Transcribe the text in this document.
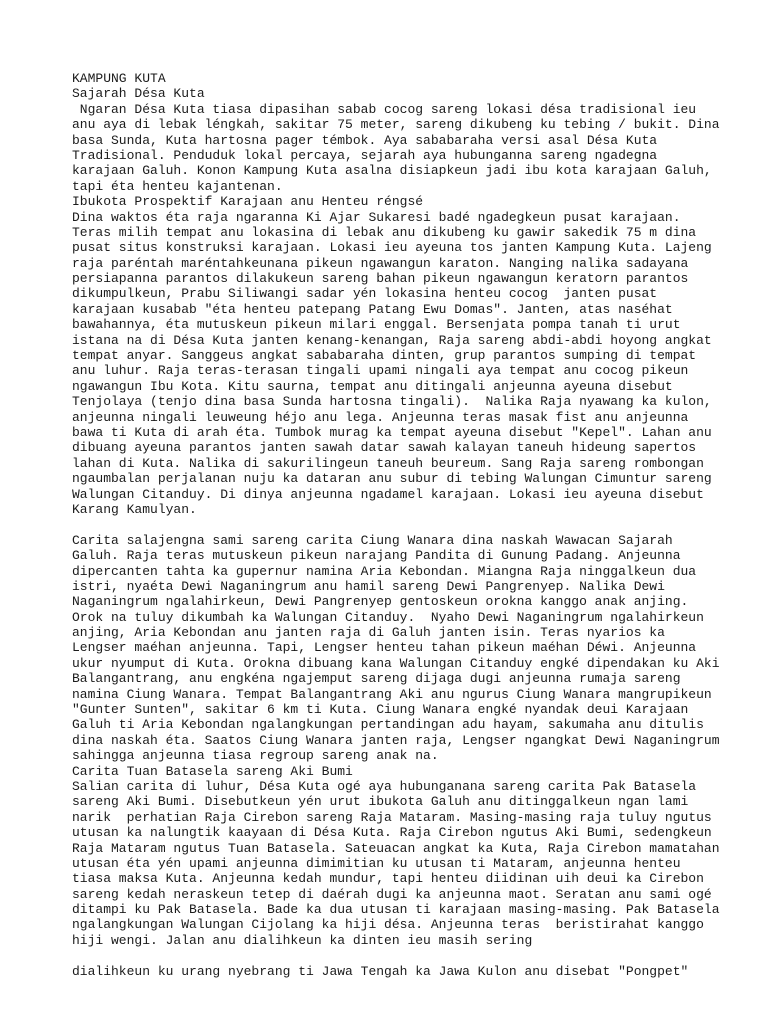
KAMPUNG KUTA
Sajarah Désa Kuta
Ngaran Désa Kuta tiasa dipasihan sabab cocog sareng lokasi désa tradisional ieu
anu aya di lebak léngkah, sakitar 75 meter, sareng dikubeng ku tebing / bukit. Dina
basa Sunda, Kuta hartosna pager témbok. Aya sababaraha versi asal Désa Kuta
Tradisional. Penduduk lokal percaya, sejarah aya hubunganna sareng ngadegna
karajaan Galuh. Konon Kampung Kuta asalna disiapkeun jadi ibu kota karajaan Galuh,
tapi éta henteu kajantenan.
Ibukota Prospektif Karajaan anu Henteu réngsé
Dina waktos éta raja ngaranna Ki Ajar Sukaresi badé ngadegkeun pusat karajaan.
Teras milih tempat anu lokasina di lebak anu dikubeng ku gawir sakedik 75 m dina
pusat situs konstruksi karajaan. Lokasi ieu ayeuna tos janten Kampung Kuta. Lajeng
raja paréntah maréntahkeunana pikeun ngawangun karaton. Nanging nalika sadayana
persiapanna parantos dilakukeun sareng bahan pikeun ngawangun keratorn parantos
dikumpulkeun, Prabu Siliwangi sadar yén lokasina henteu cocog  janten pusat
karajaan kusabab "éta henteu patepang Patang Ewu Domas". Janten, atas naséhat
bawahannya, éta mutuskeun pikeun milari enggal. Bersenjata pompa tanah ti urut
istana na di Désa Kuta janten kenang-kenangan, Raja sareng abdi-abdi hoyong angkat
tempat anyar. Sanggeus angkat sababaraha dinten, grup parantos sumping di tempat
anu luhur. Raja teras-terasan tingali upami ningali aya tempat anu cocog pikeun
ngawangun Ibu Kota. Kitu saurna, tempat anu ditingali anjeunna ayeuna disebut
Tenjolaya (tenjo dina basa Sunda hartosna tingali).  Nalika Raja nyawang ka kulon,
anjeunna ningali leuweung héjo anu lega. Anjeunna teras masak fist anu anjeunna
bawa ti Kuta di arah éta. Tumbok murag ka tempat ayeuna disebut "Kepel". Lahan anu
dibuang ayeuna parantos janten sawah datar sawah kalayan taneuh hideung sapertos
lahan di Kuta. Nalika di sakurilingeun taneuh beureum. Sang Raja sareng rombongan
ngaumbalan perjalanan nuju ka dataran anu subur di tebing Walungan Cimuntur sareng
Walungan Citanduy. Di dinya anjeunna ngadamel karajaan. Lokasi ieu ayeuna disebut
Karang Kamulyan.
Carita salajengna sami sareng carita Ciung Wanara dina naskah Wawacan Sajarah
Galuh. Raja teras mutuskeun pikeun narajang Pandita di Gunung Padang. Anjeunna
dipercanten tahta ka gupernur namina Aria Kebondan. Miangna Raja ninggalkeun dua
istri, nyaéta Dewi Naganingrum anu hamil sareng Dewi Pangrenyep. Nalika Dewi
Naganingrum ngalahirkeun, Dewi Pangrenyep gentoskeun orokna kanggo anak anjing.
Orok na tuluy dikumbah ka Walungan Citanduy.  Nyaho Dewi Naganingrum ngalahirkeun
anjing, Aria Kebondan anu janten raja di Galuh janten isin. Teras nyarios ka
Lengser maéhan anjeunna. Tapi, Lengser henteu tahan pikeun maéhan Déwi. Anjeunna
ukur nyumput di Kuta. Orokna dibuang kana Walungan Citanduy engké dipendakan ku Aki
Balangantrang, anu engkéna ngajemput sareng dijaga dugi anjeunna rumaja sareng
namina Ciung Wanara. Tempat Balangantrang Aki anu ngurus Ciung Wanara mangrupikeun
"Gunter Sunten", sakitar 6 km ti Kuta. Ciung Wanara engké nyandak deui Karajaan
Galuh ti Aria Kebondan ngalangkungan pertandingan adu hayam, sakumaha anu ditulis
dina naskah éta. Saatos Ciung Wanara janten raja, Lengser ngangkat Dewi Naganingrum
sahingga anjeunna tiasa regroup sareng anak na.
Carita Tuan Batasela sareng Aki Bumi
Salian carita di luhur, Désa Kuta ogé aya hubunganana sareng carita Pak Batasela
sareng Aki Bumi. Disebutkeun yén urut ibukota Galuh anu ditinggalkeun ngan lami
narik  perhatian Raja Cirebon sareng Raja Mataram. Masing-masing raja tuluy ngutus
utusan ka nalungtik kaayaan di Désa Kuta. Raja Cirebon ngutus Aki Bumi, sedengkeun
Raja Mataram ngutus Tuan Batasela. Sateuacan angkat ka Kuta, Raja Cirebon mamatahan
utusan éta yén upami anjeunna dimimitian ku utusan ti Mataram, anjeunna henteu
tiasa maksa Kuta. Anjeunna kedah mundur, tapi henteu diidinan uih deui ka Cirebon
sareng kedah neraskeun tetep di daérah dugi ka anjeunna maot. Seratan anu sami ogé
ditampi ku Pak Batasela. Bade ka dua utusan ti karajaan masing-masing. Pak Batasela
ngalangkungan Walungan Cijolang ka hiji désa. Anjeunna teras  beristirahat kanggo
hiji wengi. Jalan anu dialihkeun ka dinten ieu masih sering
dialihkeun ku urang nyebrang ti Jawa Tengah ka Jawa Kulon anu disebat "Pongpet"
